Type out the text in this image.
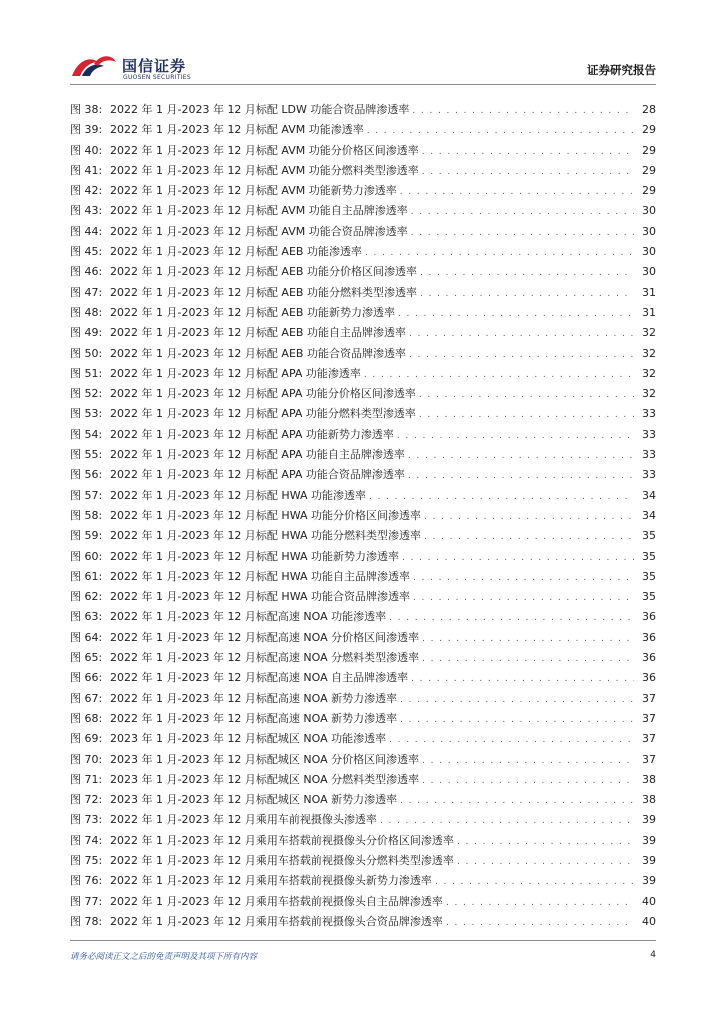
国信证券
GUOSEN SECURITIES
证券研究报告
图 38: 2022 年 1 月-2023 年 12 月标配 LDW 功能合资品牌渗透率 . . .	28
图 39: 2022 年 1 月-2023 年 12 月标配 AVM 功能渗透率 . . .	29
图 40: 2022 年 1 月-2023 年 12 月标配 AVM 功能分价格区间渗透率 . . .	29
图 41: 2022 年 1 月-2023 年 12 月标配 AVM 功能分燃料类型渗透率 . . .	29
图 42: 2022 年 1 月-2023 年 12 月标配 AVM 功能新势力渗透率 . . .	29
图 43: 2022 年 1 月-2023 年 12 月标配 AVM 功能自主品牌渗透率 . . .	30
图 44: 2022 年 1 月-2023 年 12 月标配 AVM 功能合资品牌渗透率 . . .	30
图 45: 2022 年 1 月-2023 年 12 月标配 AEB 功能渗透率 . . .	30
图 46: 2022 年 1 月-2023 年 12 月标配 AEB 功能分价格区间渗透率 . . .	30
图 47: 2022 年 1 月-2023 年 12 月标配 AEB 功能分燃料类型渗透率 . . .	31
图 48: 2022 年 1 月-2023 年 12 月标配 AEB 功能新势力渗透率 . . .	31
图 49: 2022 年 1 月-2023 年 12 月标配 AEB 功能自主品牌渗透率 . . .	32
图 50: 2022 年 1 月-2023 年 12 月标配 AEB 功能合资品牌渗透率 . . .	32
图 51: 2022 年 1 月-2023 年 12 月标配 APA 功能渗透率 . . .	32
图 52: 2022 年 1 月-2023 年 12 月标配 APA 功能分价格区间渗透率 . . .	32
图 53: 2022 年 1 月-2023 年 12 月标配 APA 功能分燃料类型渗透率 . . .	33
图 54: 2022 年 1 月-2023 年 12 月标配 APA 功能新势力渗透率 . . .	33
图 55: 2022 年 1 月-2023 年 12 月标配 APA 功能自主品牌渗透率 . . .	33
图 56: 2022 年 1 月-2023 年 12 月标配 APA 功能合资品牌渗透率 . . .	33
图 57: 2022 年 1 月-2023 年 12 月标配 HWA 功能渗透率 . . .	34
图 58: 2022 年 1 月-2023 年 12 月标配 HWA 功能分价格区间渗透率 . . .	34
图 59: 2022 年 1 月-2023 年 12 月标配 HWA 功能分燃料类型渗透率 . . .	35
图 60: 2022 年 1 月-2023 年 12 月标配 HWA 功能新势力渗透率 . . .	35
图 61: 2022 年 1 月-2023 年 12 月标配 HWA 功能自主品牌渗透率 . . .	35
图 62: 2022 年 1 月-2023 年 12 月标配 HWA 功能合资品牌渗透率 . . .	35
图 63: 2022 年 1 月-2023 年 12 月标配高速 NOA 功能渗透率 . . .	36
图 64: 2022 年 1 月-2023 年 12 月标配高速 NOA 分价格区间渗透率 . . .	36
图 65: 2022 年 1 月-2023 年 12 月标配高速 NOA 分燃料类型渗透率 . . .	36
图 66: 2022 年 1 月-2023 年 12 月标配高速 NOA 自主品牌渗透率 . . .	36
图 67: 2022 年 1 月-2023 年 12 月标配高速 NOA 新势力渗透率 . . .	37
图 68: 2022 年 1 月-2023 年 12 月标配高速 NOA 新势力渗透率 . . .	37
图 69: 2023 年 1 月-2023 年 12 月标配城区 NOA 功能渗透率 . . .	37
图 70: 2023 年 1 月-2023 年 12 月标配城区 NOA 分价格区间渗透率 . . .	37
图 71: 2023 年 1 月-2023 年 12 月标配城区 NOA 分燃料类型渗透率 . . .	38
图 72: 2023 年 1 月-2023 年 12 月标配城区 NOA 新势力渗透率 . . .	38
图 73: 2022 年 1 月-2023 年 12 月乘用车前视摄像头渗透率 . . .	39
图 74: 2022 年 1 月-2023 年 12 月乘用车搭载前视摄像头分价格区间渗透率 . . .	39
图 75: 2022 年 1 月-2023 年 12 月乘用车搭载前视摄像头分燃料类型渗透率 . . .	39
图 76: 2022 年 1 月-2023 年 12 月乘用车搭载前视摄像头新势力渗透率 . . .	39
图 77: 2022 年 1 月-2023 年 12 月乘用车搭载前视摄像头自主品牌渗透率 . . .	40
图 78: 2022 年 1 月-2023 年 12 月乘用车搭载前视摄像头合资品牌渗透率 . . .	40
请务必阅读正文之后的免责声明及其项下所有内容	4
